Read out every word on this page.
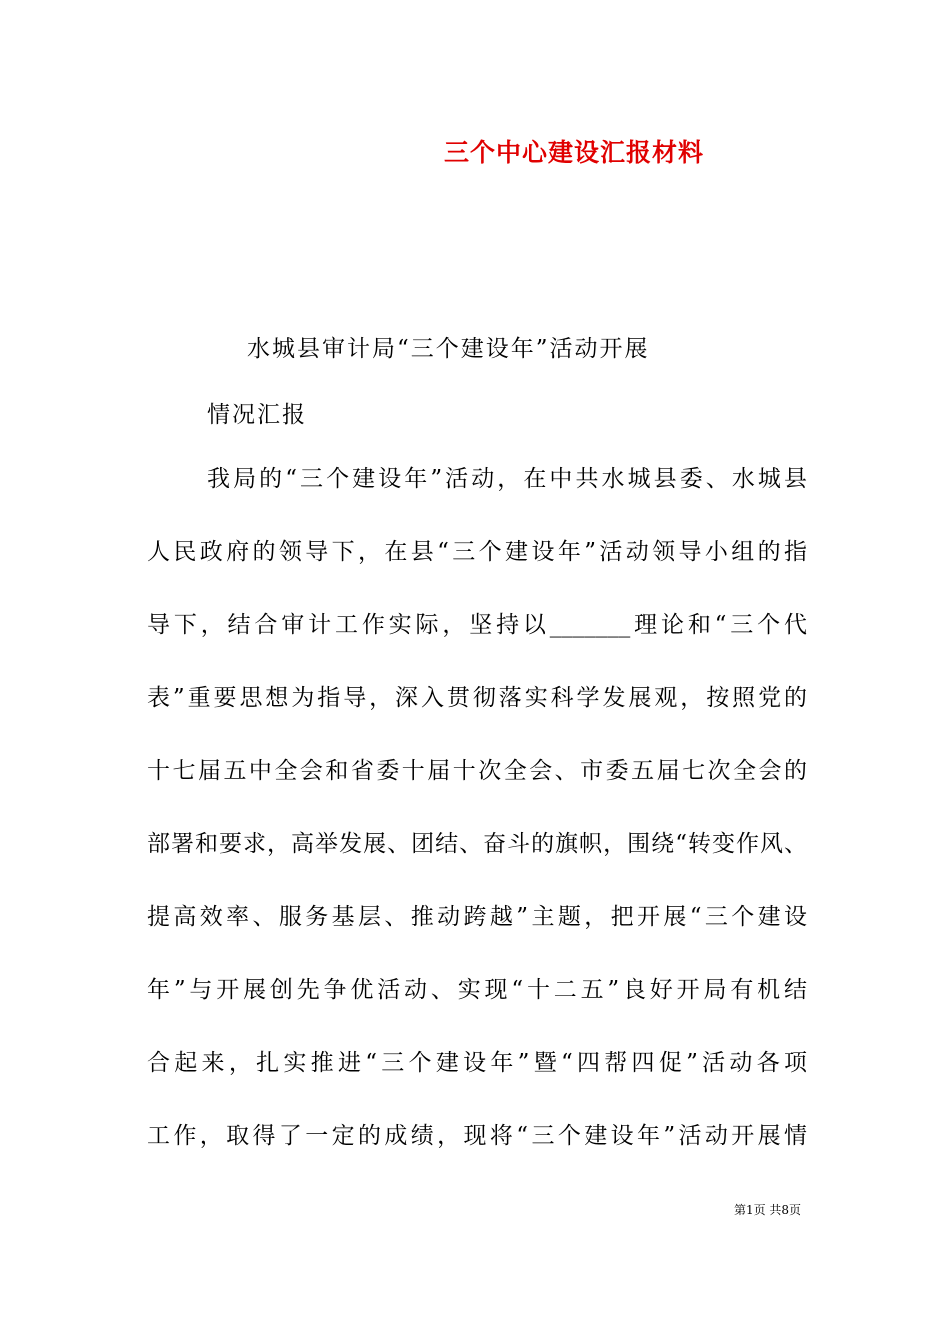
三个中心建设汇报材料

水城县审计局“三个建设年”活动开展

情况汇报

我局的“三个建设年”活动，在中共水城县委、水城县

人民政府的领导下，在县“三个建设年”活动领导小组的指

导下，结合审计工作实际，坚持以_______理论和“三个代

表”重要思想为指导，深入贯彻落实科学发展观，按照党的

十七届五中全会和省委十届十次全会、市委五届七次全会的

部署和要求，高举发展、团结、奋斗的旗帜，围绕“转变作风、

提高效率、服务基层、推动跨越”主题，把开展“三个建设

年”与开展创先争优活动、实现“十二五”良好开局有机结

合起来，扎实推进“三个建设年”暨“四帮四促”活动各项

工作，取得了一定的成绩，现将“三个建设年”活动开展情

第1页 共8页
